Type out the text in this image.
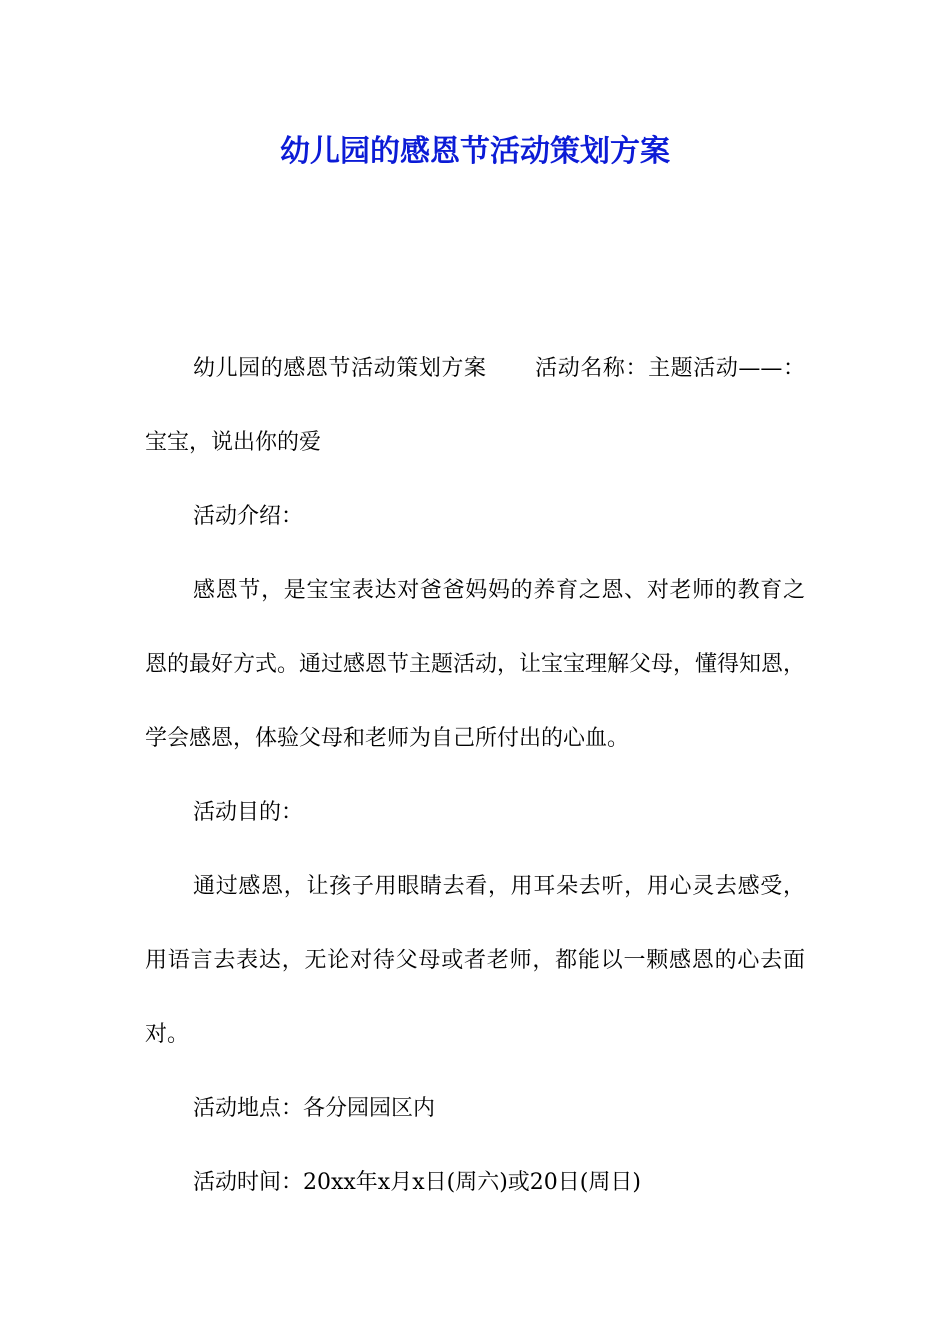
幼儿园的感恩节活动策划方案

幼儿园的感恩节活动策划方案 活动名称：主题活动——：宝宝，说出你的爱

活动介绍：

感恩节，是宝宝表达对爸爸妈妈的养育之恩、对老师的教育之恩的最好方式。通过感恩节主题活动，让宝宝理解父母，懂得知恩，学会感恩，体验父母和老师为自己所付出的心血。

活动目的：

通过感恩，让孩子用眼睛去看，用耳朵去听，用心灵去感受，用语言去表达，无论对待父母或者老师，都能以一颗感恩的心去面对。

活动地点：各分园园区内

活动时间：20xx年x月x日(周六)或20日(周日)
